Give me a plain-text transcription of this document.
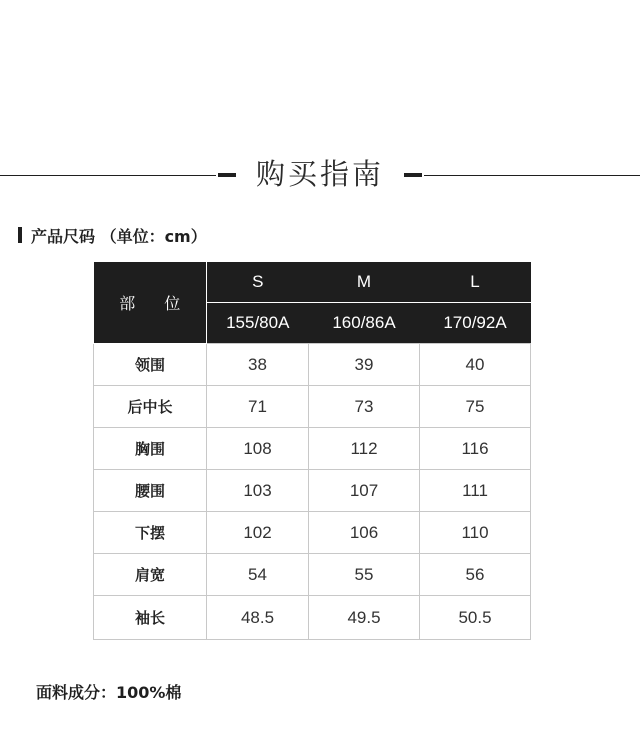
购买指南
产品尺码 （单位：cm）
部 位	S	M	L
	155/80A	160/86A	170/92A
领围	38	39	40
后中长	71	73	75
胸围	108	112	116
腰围	103	107	111
下摆	102	106	110
肩宽	54	55	56
袖长	48.5	49.5	50.5
面料成分：100%棉
